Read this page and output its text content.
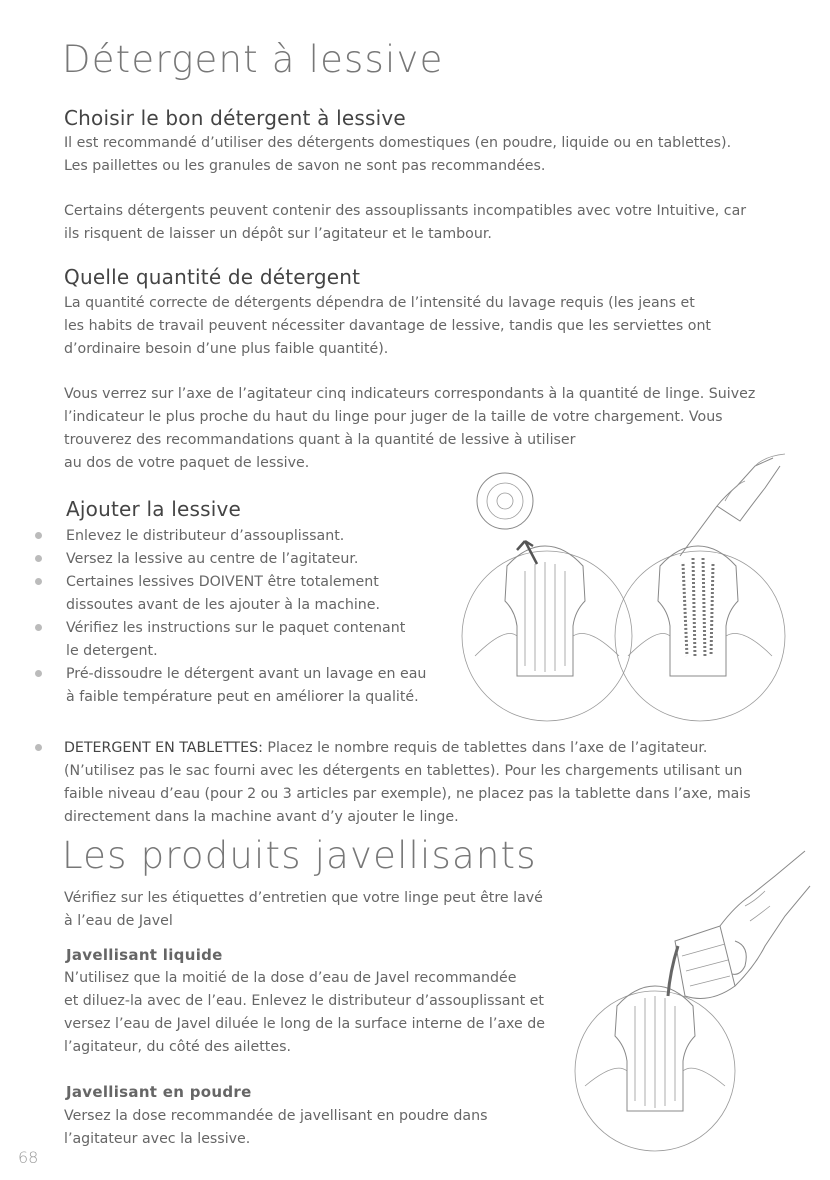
Détergent à lessive
Choisir le bon détergent à lessive

Il est recommandé d’utiliser des détergents domestiques (en poudre, liquide ou en tablettes).

Les paillettes ou les granules de savon ne sont pas recommandées.

Certains détergents peuvent contenir des assouplissants incompatibles avec votre Intuitive, car

ils risquent de laisser un dépôt sur l’agitateur et le tambour.

Quelle quantité de détergent

La quantité correcte de détergents dépendra de l’intensité du lavage requis (les jeans et

les habits de travail peuvent nécessiter davantage de lessive, tandis que les serviettes ont

d’ordinaire besoin d’une plus faible quantité).

Vous verrez sur l’axe de l’agitateur cinq indicateurs correspondants à la quantité de linge. Suivez

l’indicateur le plus proche du haut du linge pour juger de la taille de votre chargement. Vous

trouverez des recommandations quant à la quantité de lessive à utiliser

au dos de votre paquet de lessive.

Ajouter la lessive
Enlevez le distributeur d’assouplissant.
Versez la lessive au centre de l’agitateur.
Certaines lessives DOIVENT être totalement
dissoutes avant de les ajouter à la machine.
Vérifiez les instructions sur le paquet contenant
le detergent.
Pré-dissoudre le détergent avant un lavage en eau
à faible température peut en améliorer la qualité.

DETERGENT EN TABLETTES: Placez le nombre requis de tablettes dans l’axe de l’agitateur.

(N’utilisez pas le sac fourni avec les détergents en tablettes). Pour les chargements utilisant un

faible niveau d’eau (pour 2 ou 3 articles par exemple), ne placez pas la tablette dans l’axe, mais

directement dans la machine avant d’y ajouter le linge.

Les produits javellisants

Vérifiez sur les étiquettes d’entretien que votre linge peut être lavé

à l’eau de Javel

Javellisant liquide

N’utilisez que la moitié de la dose d’eau de Javel recommandée

et diluez-la avec de l’eau. Enlevez le distributeur d’assouplissant et

versez l’eau de Javel diluée le long de la surface interne de l’axe de

l’agitateur, du côté des ailettes.

Javellisant en poudre

Versez la dose recommandée de javellisant en poudre dans

l’agitateur avec la lessive.

68
